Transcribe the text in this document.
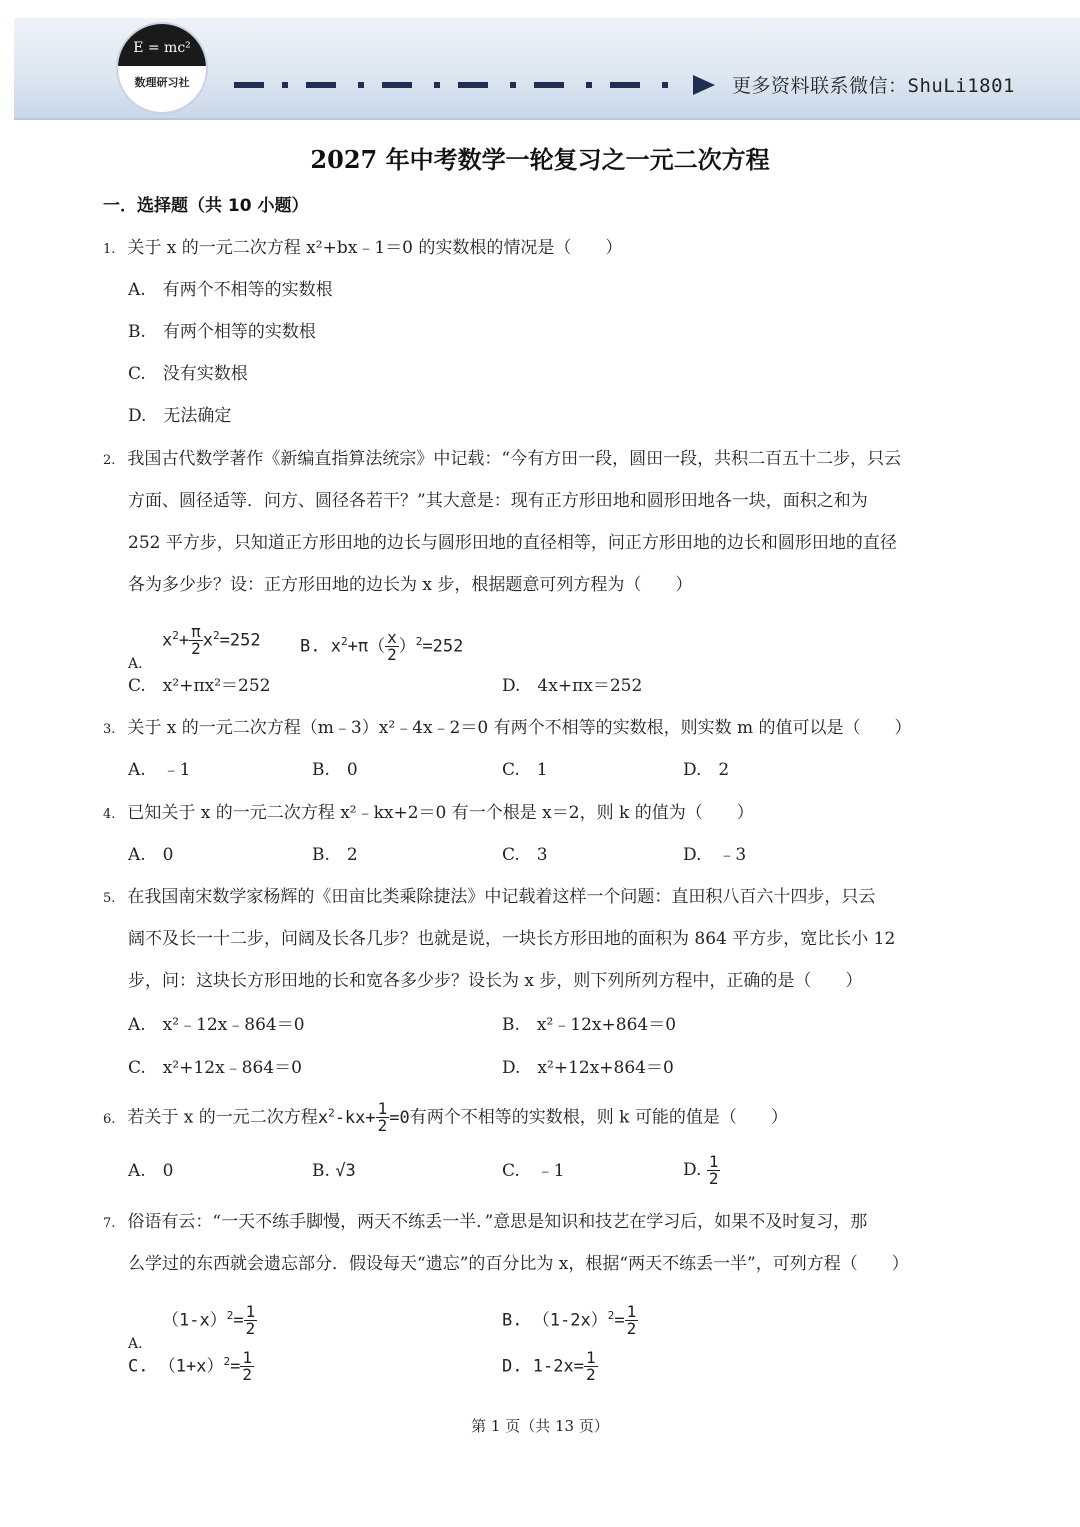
E = mc²
数理研习社	更多资料联系微信：ShuLi1801
2027 年中考数学一轮复习之一元二次方程
一．选择题（共 10 小题）
1. 关于 x 的一元二次方程 x²+bx﹣1＝0 的实数根的情况是（　　）
A.　有两个不相等的实数根
B.　有两个相等的实数根
C.　没有实数根
D.　无法确定
2. 我国古代数学著作《新编直指算法统宗》中记载：“今有方田一段，圆田一段，共积二百五十二步，只云
方面、圆径适等．问方、圆径各若干？”其大意是：现有正方形田地和圆形田地各一块，面积之和为
252 平方步，只知道正方形田地的边长与圆形田地的直径相等，问正方形田地的边长和圆形田地的直径
各为多少步？设：正方形田地的边长为 x 步，根据题意可列方程为（　　）
A.
$x^2+ \frac{\pi}{2} x^2=252$ B. $x^2+\pi( \frac{x}{2} )^2=252$
C.　x²+πx²＝252	D.　4x+πx＝252
3. 关于 x 的一元二次方程（m﹣3）x²﹣4x﹣2＝0 有两个不相等的实数根，则实数 m 的值可以是（　　）
A.　﹣1	B.　0	C.　1	D.　2
4. 已知关于 x 的一元二次方程 x²﹣kx+2＝0 有一个根是 x＝2，则 k 的值为（　　）
A.　0	B.　2	C.　3	D.　﹣3
5. 在我国南宋数学家杨辉的《田亩比类乘除捷法》中记载着这样一个问题：直田积八百六十四步，只云
阔不及长一十二步，问阔及长各几步？也就是说，一块长方形田地的面积为 864 平方步，宽比长小 12
步，问：这块长方形田地的长和宽各多少步？设长为 x 步，则下列所列方程中，正确的是（　　）
A.　x²﹣12x﹣864＝0	B.　x²﹣12x+864＝0
C.　x²+12x﹣864＝0	D.　x²+12x+864＝0
6. 若关于 x 的一元二次方程$x^2-kx+ \frac{1}{2} =0$有两个不相等的实数根，则 k 可能的值是（　　）
A.　0	B. √3	C.　﹣1	D. $\frac{1}{2}$
7. 俗语有云：“一天不练手脚慢，两天不练丢一半．”意思是知识和技艺在学习后，如果不及时复习，那
么学过的东西就会遗忘部分．假设每天“遗忘”的百分比为 x，根据“两天不练丢一半”，可列方程（　　）
A.
$(1-x)^2= \frac{1}{2}$	B. $(1-2x)^2= \frac{1}{2}$
C. $(1+x)^2= \frac{1}{2}$	D. $1-2x= \frac{1}{2}$
第 1 页（共 13 页）
